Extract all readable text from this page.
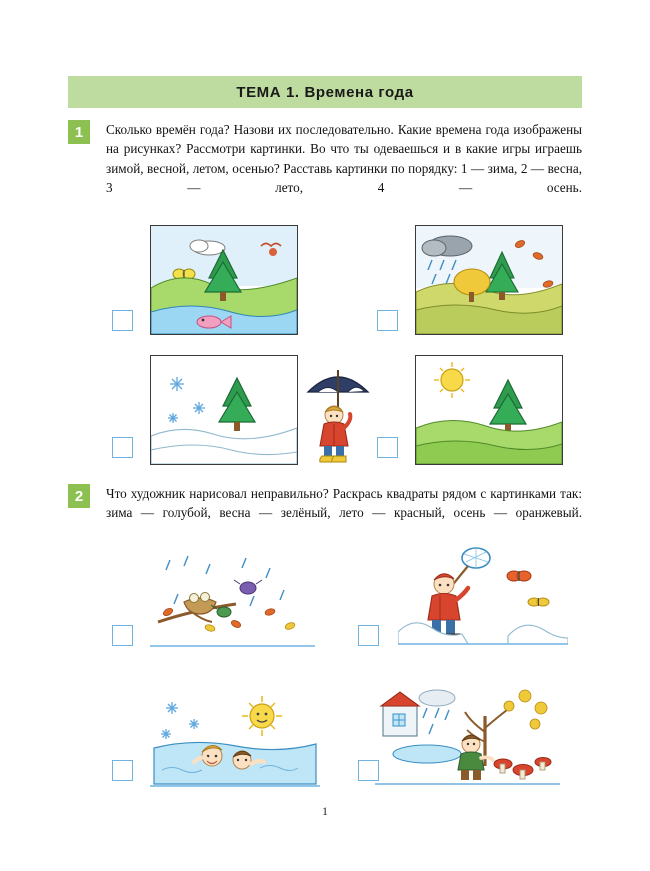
ТЕМА 1. Времена года
1	Сколько времён года? Назови их последовательно. Какие времена года изображены на рисунках? Рассмотри картинки. Во что ты одеваешься и в какие игры играешь зимой, весной, летом, осенью? Расставь картинки по порядку: 1 — зима, 2 — весна, 3 — лето, 4 — осень.
2	Что художник нарисовал неправильно? Раскрась квадраты рядом с картинками так: зима — голубой, весна — зелёный, лето — красный, осень — оранжевый.
1
